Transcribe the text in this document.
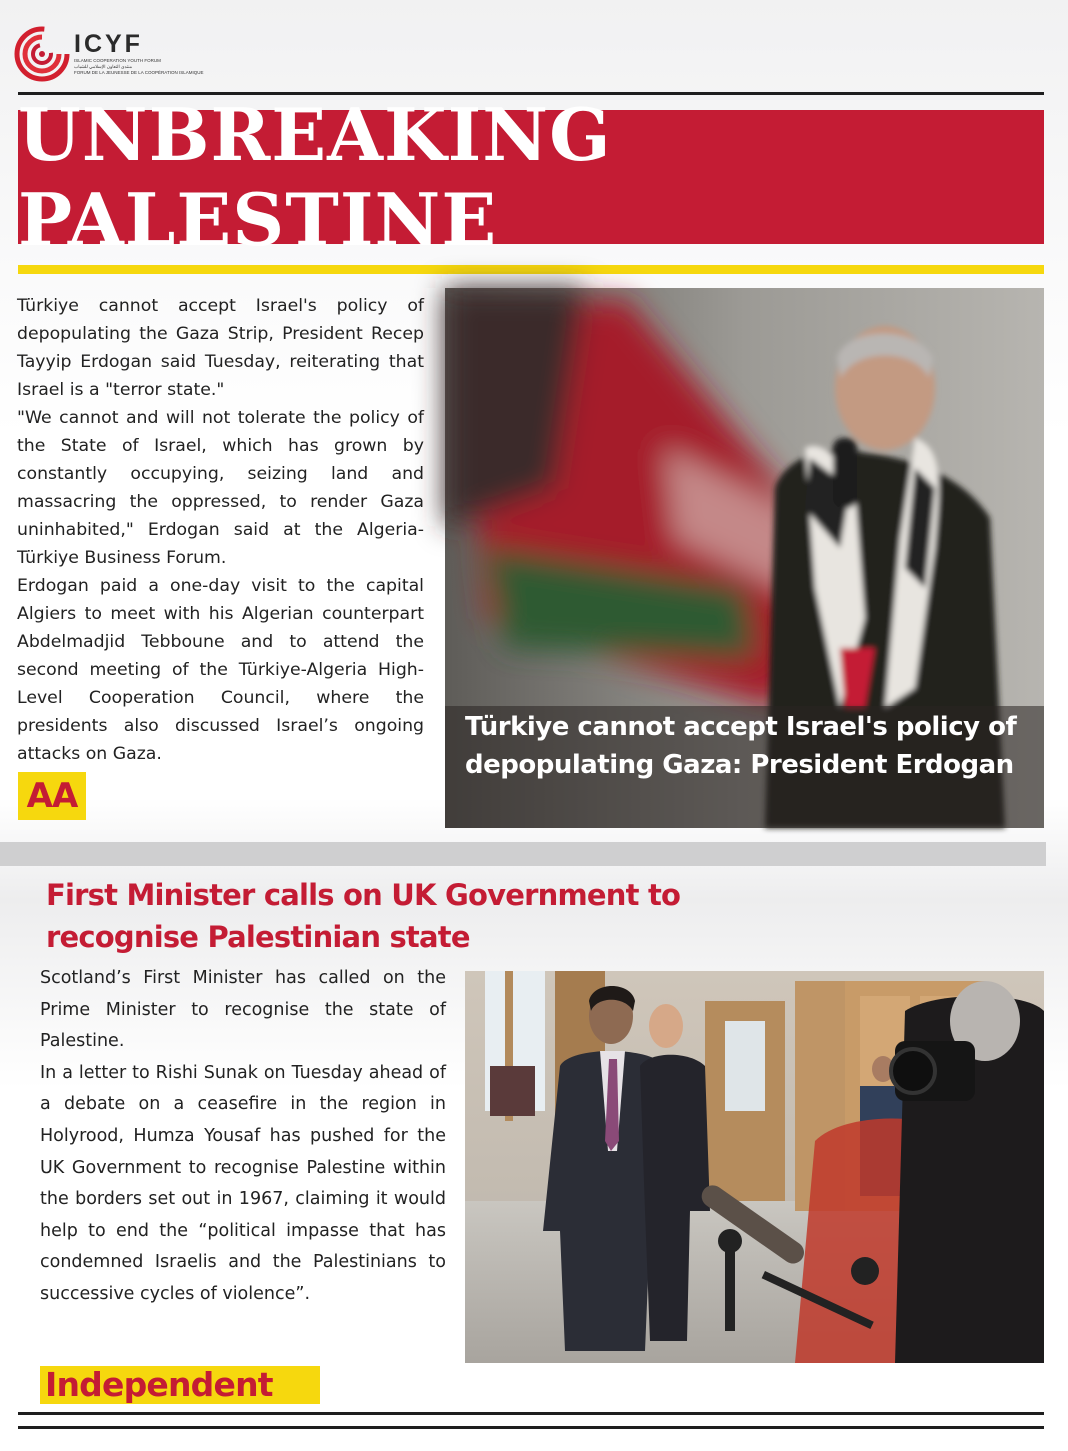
ICYF
ISLAMIC COOPERATION YOUTH FORUM
منتدى التعاون الإسلامي للشباب
FORUM DE LA JEUNESSE DE LA COOPÉRATION ISLAMIQUE
UNBREAKING PALESTINE

Türkiye cannot accept Israel's policy of depopulating the Gaza Strip, President Recep Tayyip Erdogan said Tuesday, reiterating that Israel is a "terror state."

"We cannot and will not tolerate the policy of the State of Israel, which has grown by constantly occupying, seizing land and massacring the oppressed, to render Gaza uninhabited," Erdogan said at the Algeria-Türkiye Business Forum.

Erdogan paid a one-day visit to the capital Algiers to meet with his Algerian counterpart Abdelmadjid Tebboune and to attend the second meeting of the Türkiye-Algeria High-Level Cooperation Council, where the presidents also discussed Israel’s ongoing attacks on Gaza.

AA
Türkiye cannot accept Israel's policy of depopulating Gaza: President Erdogan
First Minister calls on UK Government to recognise Palestinian state

Scotland’s First Minister has called on the Prime Minister to recognise the state of Palestine.

In a letter to Rishi Sunak on Tuesday ahead of a debate on a ceasefire in the region in Holyrood, Humza Yousaf has pushed for the UK Government to recognise Palestine within the borders set out in 1967, claiming it would help to end the “political impasse that has condemned Israelis and the Palestinians to successive cycles of violence”.

Independent
